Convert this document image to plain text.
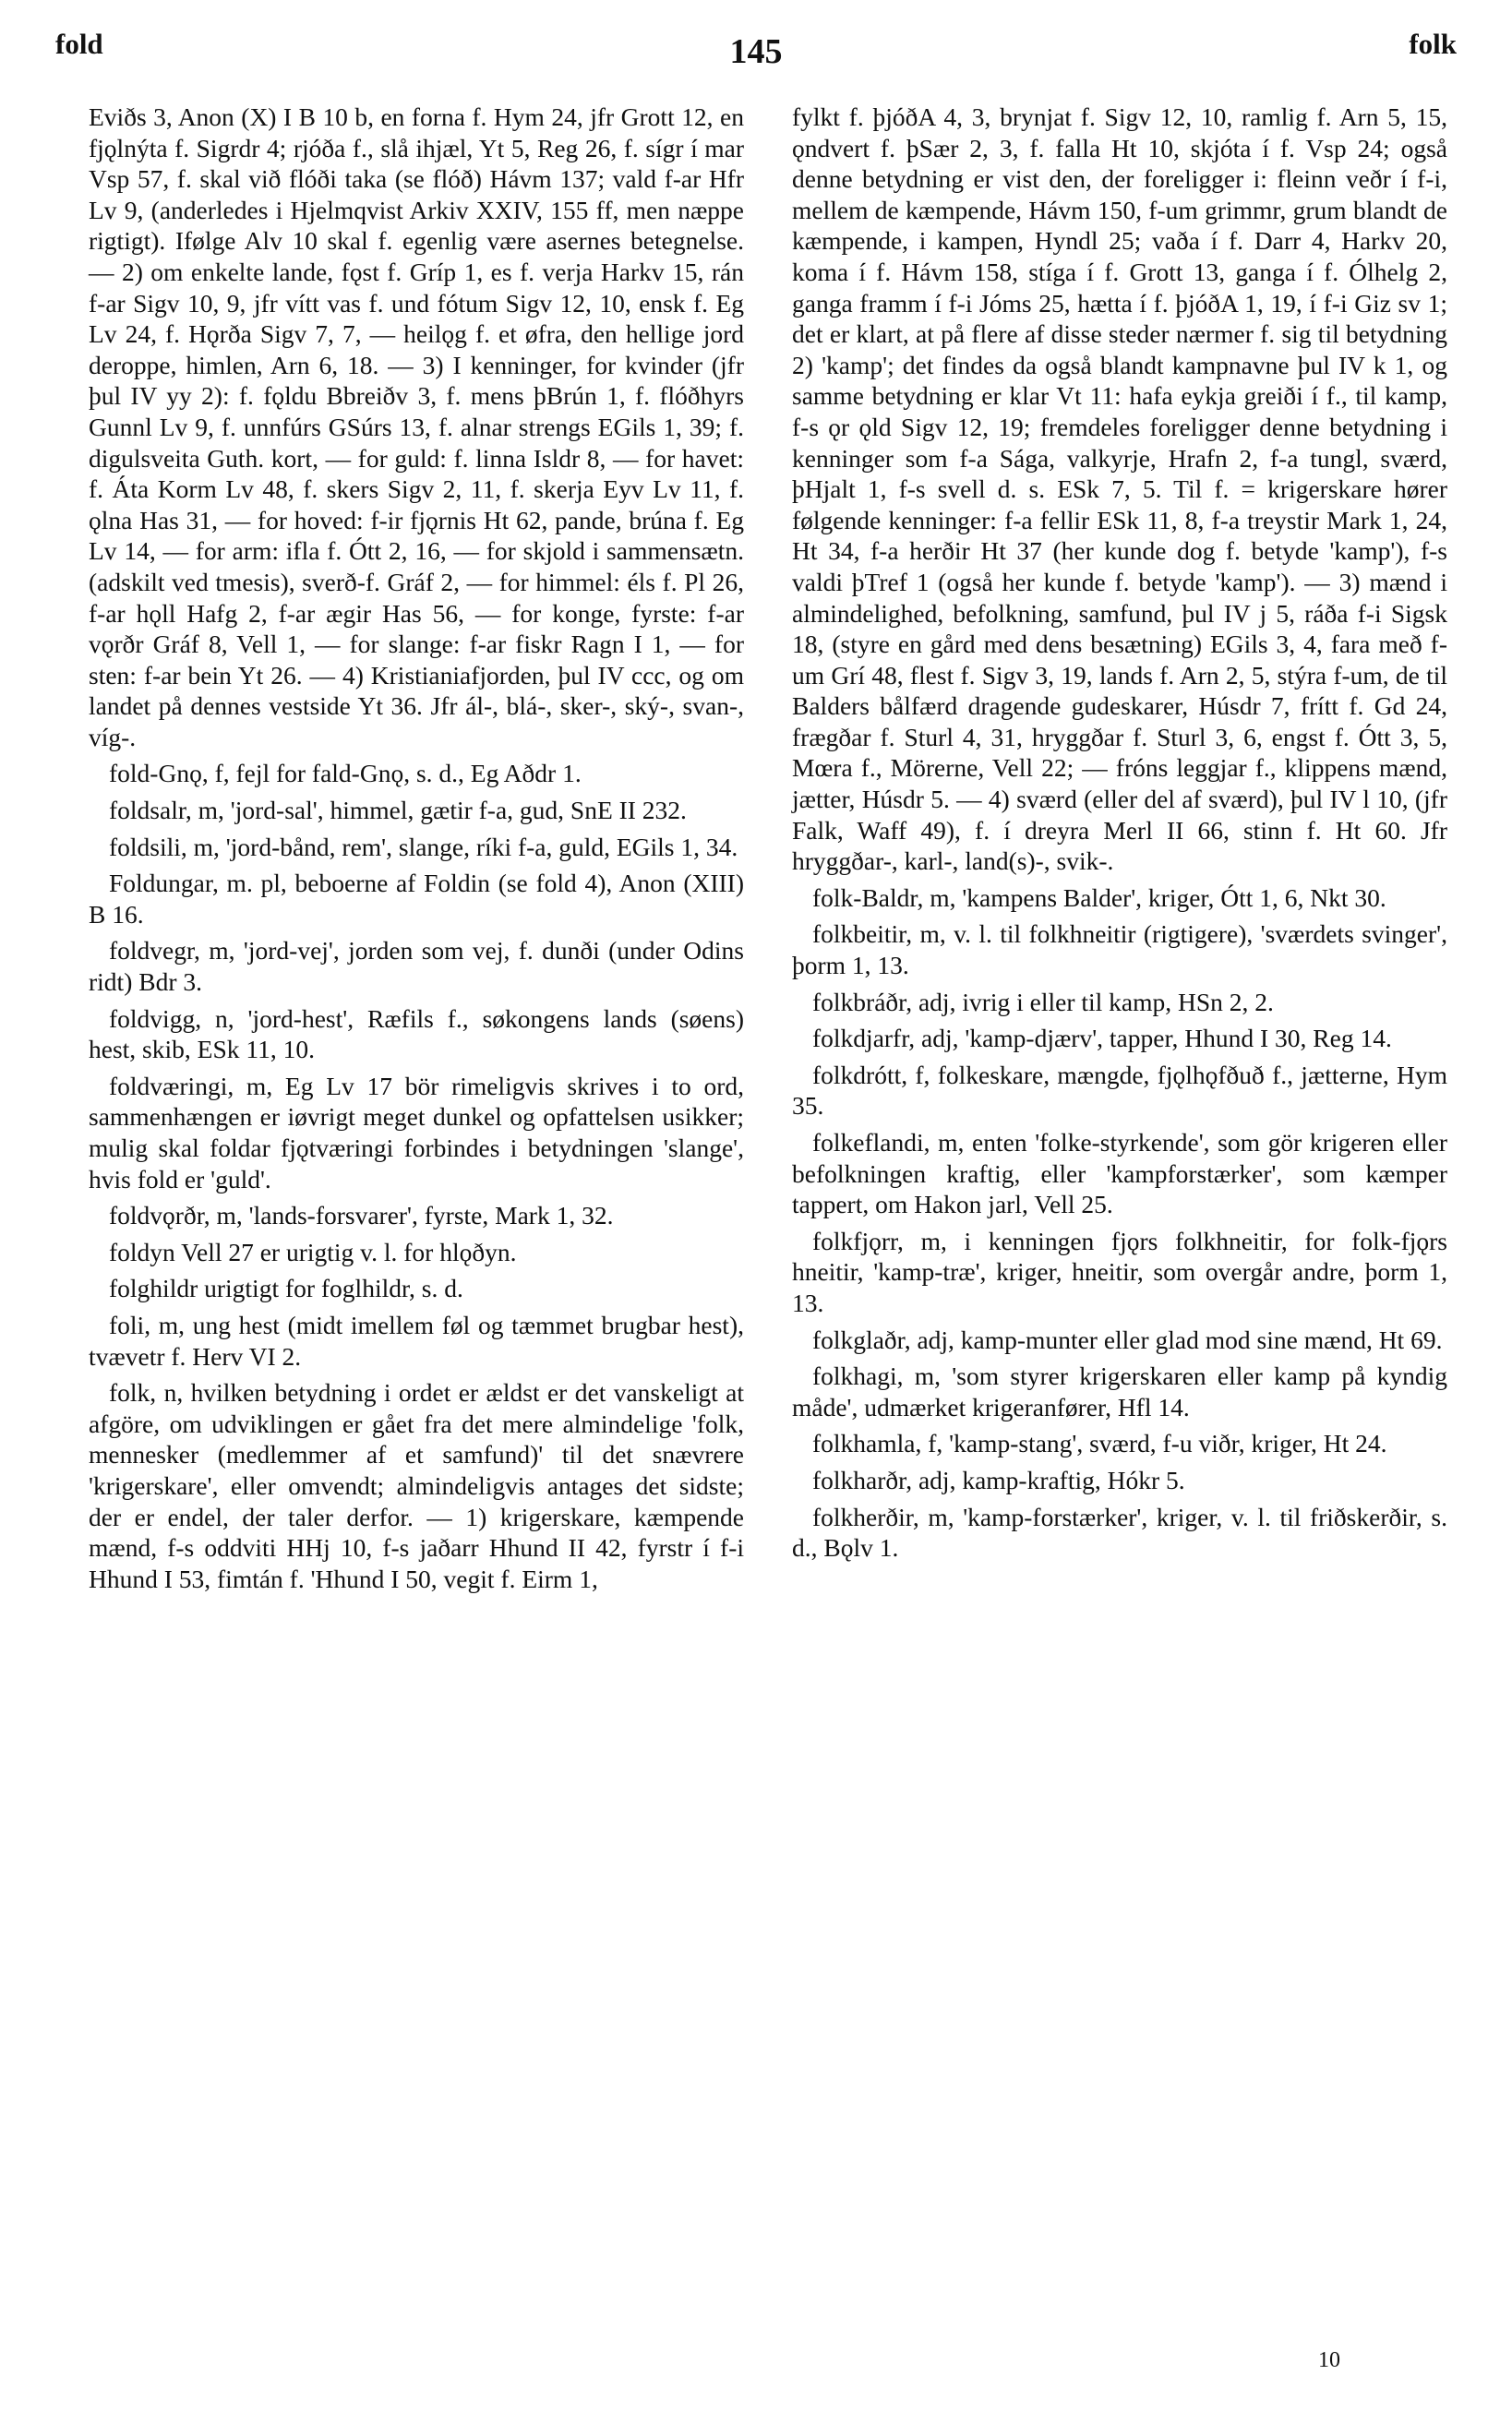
fold	145	folk

Eviðs 3, Anon (X) I B 10 b, en forna f. Hym 24, jfr Grott 12, en fjǫlnýta f. Sigrdr 4; rjóða f., slå ihjæl, Yt 5, Reg 26, f. sígr í mar Vsp 57, f. skal við flóði taka (se flóð) Hávm 137; vald f-ar Hfr Lv 9, (anderledes i Hjelmqvist Arkiv XXIV, 155 ff, men næppe rigtigt). Ifølge Alv 10 skal f. egenlig være asernes betegnelse. — 2) om enkelte lande, fǫst f. Gríp 1, es f. verja Harkv 15, rán f-ar Sigv 10, 9, jfr vítt vas f. und fótum Sigv 12, 10, ensk f. Eg Lv 24, f. Hǫrða Sigv 7, 7, — heilǫg f. et øfra, den hellige jord deroppe, himlen, Arn 6, 18. — 3) I kenninger, for kvinder (jfr þul IV yy 2): f. fǫldu Bbreiðv 3, f. mens þBrún 1, f. flóðhyrs Gunnl Lv 9, f. unnfúrs GSúrs 13, f. alnar strengs EGils 1, 39; f. digulsveita Guth. kort, — for guld: f. linna Isldr 8, — for havet: f. Áta Korm Lv 48, f. skers Sigv 2, 11, f. skerja Eyv Lv 11, f. ǫlna Has 31, — for hoved: f-ir fjǫrnis Ht 62, pande, brúna f. Eg Lv 14, — for arm: ifla f. Ótt 2, 16, — for skjold i sammensætn. (adskilt ved tmesis), sverð-f. Gráf 2, — for himmel: éls f. Pl 26, f-ar hǫll Hafg 2, f-ar ægir Has 56, — for konge, fyrste: f-ar vǫrðr Gráf 8, Vell 1, — for slange: f-ar fiskr Ragn I 1, — for sten: f-ar bein Yt 26. — 4) Kristianiafjorden, þul IV ccc, og om landet på dennes vestside Yt 36. Jfr ál-, blá-, sker-, ský-, svan-, víg-.

fold-Gnǫ, f, fejl for fald-Gnǫ, s. d., Eg Aðdr 1.

foldsalr, m, 'jord-sal', himmel, gætir f-a, gud, SnE II 232.

foldsili, m, 'jord-bånd, rem', slange, ríki f-a, guld, EGils 1, 34.

Foldungar, m. pl, beboerne af Foldin (se fold 4), Anon (XIII) B 16.

foldvegr, m, 'jord-vej', jorden som vej, f. dunði (under Odins ridt) Bdr 3.

foldvigg, n, 'jord-hest', Ræfils f., søkongens lands (søens) hest, skib, ESk 11, 10.

foldværingi, m, Eg Lv 17 bör rimeligvis skrives i to ord, sammenhængen er iøvrigt meget dunkel og opfattelsen usikker; mulig skal foldar fjǫtværingi forbindes i betydningen 'slange', hvis fold er 'guld'.

foldvǫrðr, m, 'lands-forsvarer', fyrste, Mark 1, 32.

foldyn Vell 27 er urigtig v. l. for hlǫðyn.

folghildr urigtigt for foglhildr, s. d.

foli, m, ung hest (midt imellem føl og tæmmet brugbar hest), tvævetr f. Herv VI 2.

folk, n, hvilken betydning i ordet er ældst er det vanskeligt at afgöre, om udviklingen er gået fra det mere almindelige 'folk, mennesker (medlemmer af et samfund)' til det snævrere 'krigerskare', eller omvendt; almindeligvis antages det sidste; der er endel, der taler derfor. — 1) krigerskare, kæmpende mænd, f-s oddviti HHj 10, f-s jaðarr Hhund II 42, fyrstr í f-i Hhund I 53, fimtán f. 'Hhund I 50, vegit f. Eirm 1,

fylkt f. þjóðA 4, 3, brynjat f. Sigv 12, 10, ramlig f. Arn 5, 15, ǫndvert f. þSær 2, 3, f. falla Ht 10, skjóta í f. Vsp 24; også denne betydning er vist den, der foreligger i: fleinn veðr í f-i, mellem de kæmpende, Hávm 150, f-um grimmr, grum blandt de kæmpende, i kampen, Hyndl 25; vaða í f. Darr 4, Harkv 20, koma í f. Hávm 158, stíga í f. Grott 13, ganga í f. Ólhelg 2, ganga framm í f-i Jóms 25, hætta í f. þjóðA 1, 19, í f-i Giz sv 1; det er klart, at på flere af disse steder nærmer f. sig til betydning 2) 'kamp'; det findes da også blandt kampnavne þul IV k 1, og samme betydning er klar Vt 11: hafa eykja greiði í f., til kamp, f-s ǫr ǫld Sigv 12, 19; fremdeles foreligger denne betydning i kenninger som f-a Sága, valkyrje, Hrafn 2, f-a tungl, sværd, þHjalt 1, f-s svell d. s. ESk 7, 5. Til f. = krigerskare hører følgende kenninger: f-a fellir ESk 11, 8, f-a treystir Mark 1, 24, Ht 34, f-a herðir Ht 37 (her kunde dog f. betyde 'kamp'), f-s valdi þTref 1 (også her kunde f. betyde 'kamp'). — 3) mænd i almindelighed, befolkning, samfund, þul IV j 5, ráða f-i Sigsk 18, (styre en gård med dens besætning) EGils 3, 4, fara með f-um Grí 48, flest f. Sigv 3, 19, lands f. Arn 2, 5, stýra f-um, de til Balders bålfærd dragende gudeskarer, Húsdr 7, frítt f. Gd 24, frægðar f. Sturl 4, 31, hryggðar f. Sturl 3, 6, engst f. Ótt 3, 5, Mœra f., Mörerne, Vell 22; — fróns leggjar f., klippens mænd, jætter, Húsdr 5. — 4) sværd (eller del af sværd), þul IV l 10, (jfr Falk, Waff 49), f. í dreyra Merl II 66, stinn f. Ht 60. Jfr hryggðar-, karl-, land(s)-, svik-.

folk-Baldr, m, 'kampens Balder', kriger, Ótt 1, 6, Nkt 30.

folkbeitir, m, v. l. til folkhneitir (rigtigere), 'sværdets svinger', þorm 1, 13.

folkbráðr, adj, ivrig i eller til kamp, HSn 2, 2.

folkdjarfr, adj, 'kamp-djærv', tapper, Hhund I 30, Reg 14.

folkdrótt, f, folkeskare, mængde, fjǫlhǫfðuð f., jætterne, Hym 35.

folkeflandi, m, enten 'folke-styrkende', som gör krigeren eller befolkningen kraftig, eller 'kampforstærker', som kæmper tappert, om Hakon jarl, Vell 25.

folkfjǫrr, m, i kenningen fjǫrs folkhneitir, for folk-fjǫrs hneitir, 'kamp-træ', kriger, hneitir, som overgår andre, þorm 1, 13.

folkglaðr, adj, kamp-munter eller glad mod sine mænd, Ht 69.

folkhagi, m, 'som styrer krigerskaren eller kamp på kyndig måde', udmærket krigeranfører, Hfl 14.

folkhamla, f, 'kamp-stang', sværd, f-u viðr, kriger, Ht 24.

folkharðr, adj, kamp-kraftig, Hókr 5.

folkherðir, m, 'kamp-forstærker', kriger, v. l. til friðskerðir, s. d., Bǫlv 1.

10
